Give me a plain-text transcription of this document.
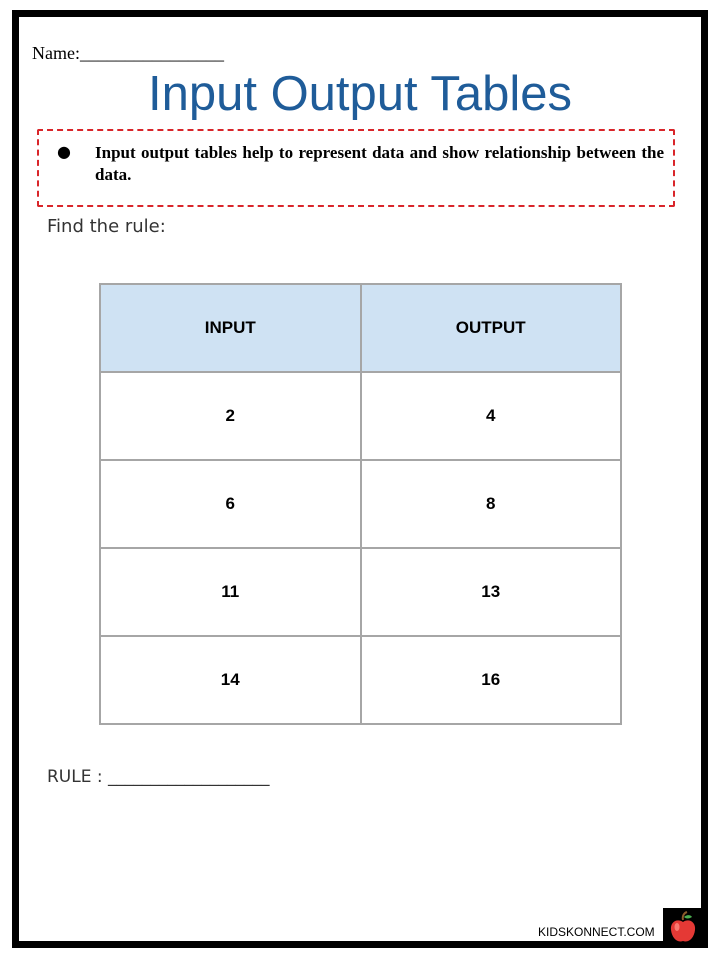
Name:________________
Input Output Tables
● Input output tables help to represent data and show relationship between the data.
Find the rule:
INPUT	OUTPUT
2	4
6	8
11	13
14	16
RULE : ___________________
KIDSKONNECT.COM
